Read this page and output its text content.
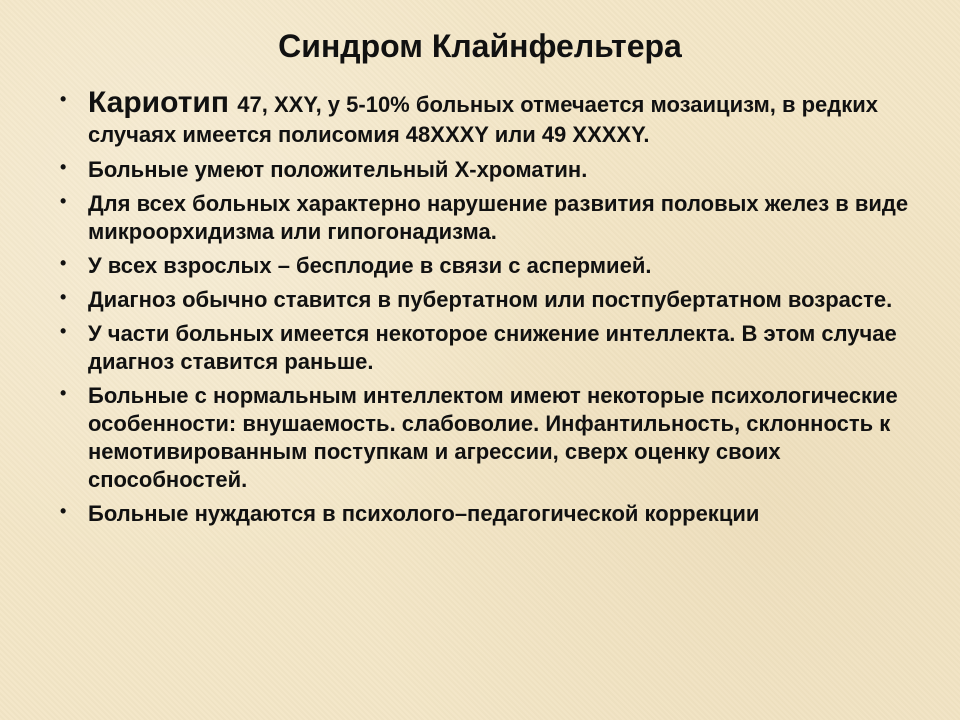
Синдром Клайнфельтера
• Кариотип 47, XXY, у 5-10% больных отмечается мозаицизм, в редких случаях имеется полисомия 48XXXY или 49 XXXXY.
• Больные умеют положительный Х-хроматин.
• Для всех больных характерно нарушение развития половых желез в виде микроорхидизма или гипогонадизма.
• У всех взрослых – бесплодие в связи с аспермией.
• Диагноз обычно ставится в пубертатном или постпубертатном возрасте.
• У части больных имеется некоторое снижение интеллекта. В этом случае диагноз ставится раньше.
• Больные с нормальным интеллектом имеют некоторые психологические особенности: внушаемость. слабоволие. Инфантильность, склонность к немотивированным поступкам и агрессии, сверх оценку своих способностей.
• Больные нуждаются в психолого–педагогической коррекции
